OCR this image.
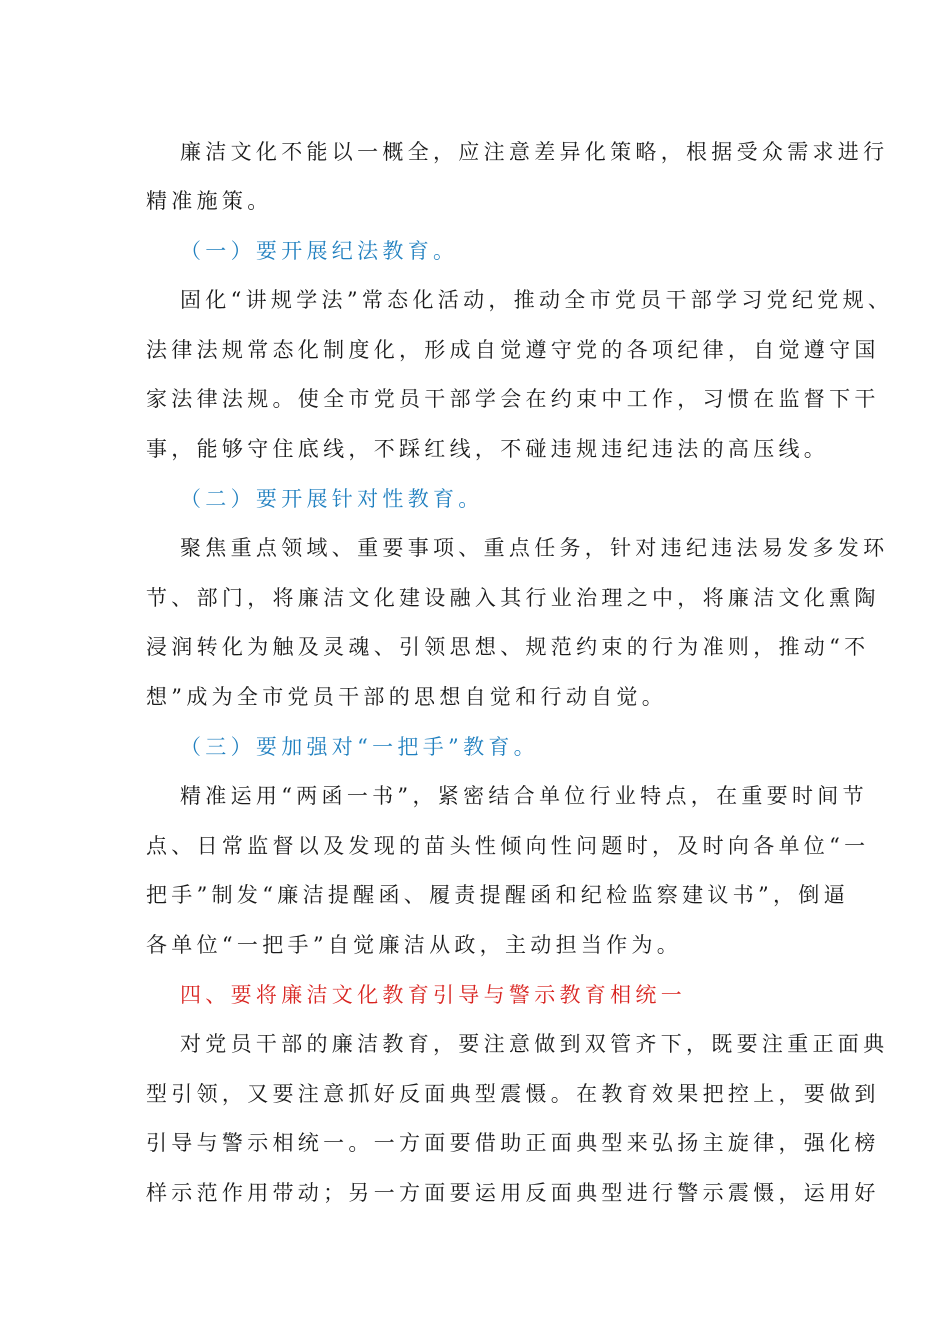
廉洁文化不能以一概全，应注意差异化策略，根据受众需求进行
精准施策。
（一）要开展纪法教育。
固化“讲规学法”常态化活动，推动全市党员干部学习党纪党规、
法律法规常态化制度化，形成自觉遵守党的各项纪律，自觉遵守国
家法律法规。使全市党员干部学会在约束中工作，习惯在监督下干
事，能够守住底线，不踩红线，不碰违规违纪违法的高压线。
（二）要开展针对性教育。
聚焦重点领域、重要事项、重点任务，针对违纪违法易发多发环
节、部门，将廉洁文化建设融入其行业治理之中，将廉洁文化熏陶
浸润转化为触及灵魂、引领思想、规范约束的行为准则，推动“不
想”成为全市党员干部的思想自觉和行动自觉。
（三）要加强对“一把手”教育。
精准运用“两函一书”，紧密结合单位行业特点，在重要时间节
点、日常监督以及发现的苗头性倾向性问题时，及时向各单位“一
把手”制发“廉洁提醒函、履责提醒函和纪检监察建议书”，倒逼
各单位“一把手”自觉廉洁从政，主动担当作为。
四、要将廉洁文化教育引导与警示教育相统一
对党员干部的廉洁教育，要注意做到双管齐下，既要注重正面典
型引领，又要注意抓好反面典型震慑。在教育效果把控上，要做到
引导与警示相统一。一方面要借助正面典型来弘扬主旋律，强化榜
样示范作用带动；另一方面要运用反面典型进行警示震慑，运用好
